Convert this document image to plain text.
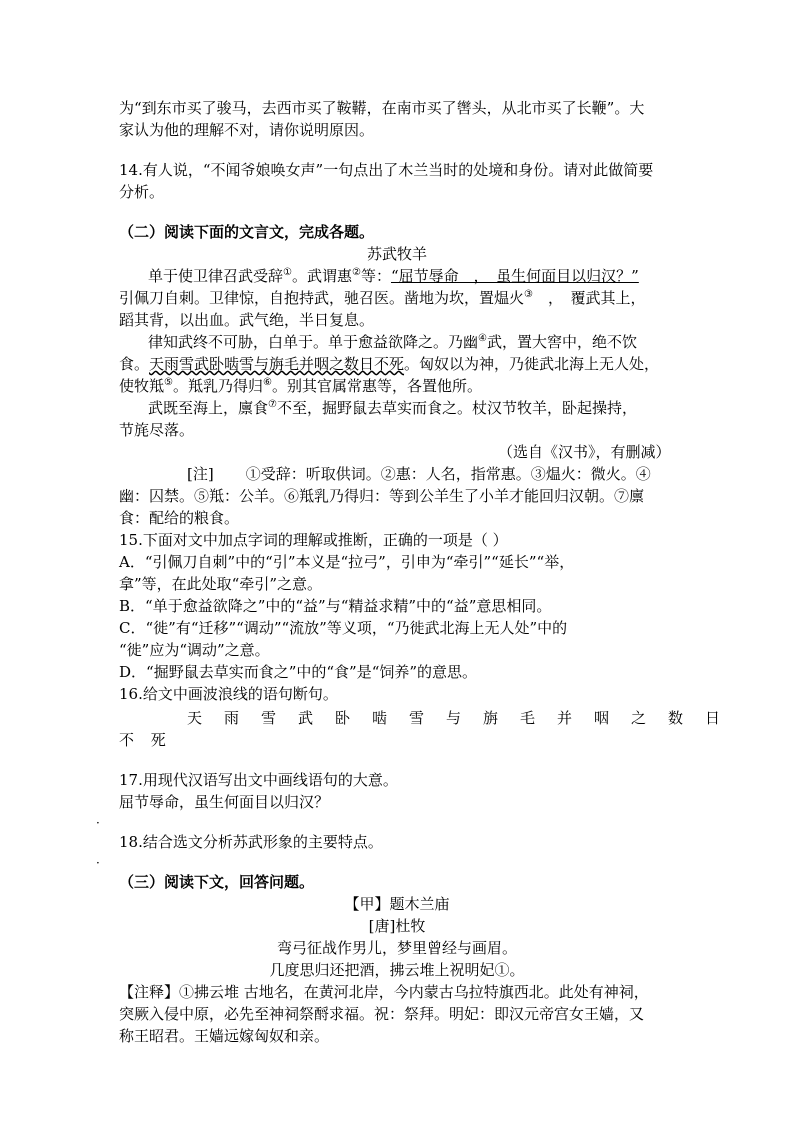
为“到东市买了骏马，去西市买了鞍鞯，在南市买了辔头，从北市买了长鞭”。大
家认为他的理解不对，请你说明原因。
14.有人说，“不闻爷娘唤女声”一句点出了木兰当时的处境和身份。请对此做简要
分析。
（二）阅读下面的文言文，完成各题。
苏武牧羊
单于使卫律召武受辞①。武谓惠②等：“屈节辱命　，　虽生何面目以归汉？”
引佩刀自刺。卫律惊，自抱持武，驰召医。凿地为坎，置煴火③　，　覆武其上，
蹈其背，以出血。武气绝，半日复息。
律知武终不可胁，白单于。单于愈益欲降之。乃幽④武，置大窖中，绝不饮
食。天雨雪武卧啮雪与旃毛并咽之数日不死。匈奴以为神，乃徙武北海上无人处，
使牧羝⑤。羝乳乃得归⑥。别其官属常惠等，各置他所。
武既至海上，廪食⑦不至，掘野鼠去草实而食之。杖汉节牧羊，卧起操持，
节旄尽落。
（选自《汉书》，有删减）
[注] ①受辞：听取供词。②惠：人名，指常惠。③煴火：微火。④
幽：囚禁。⑤羝：公羊。⑥羝乳乃得归：等到公羊生了小羊才能回归汉朝。⑦廪
食：配给的粮食。
15.下面对文中加点字词的理解或推断，正确的一项是（ ）
A．“引佩刀自刺”中的“引”本义是“拉弓”，引申为“牵引”“延长”“举，
拿”等，在此处取“牵引”之意。
B．“单于愈益欲降之”中的“益”与“精益求精”中的“益”意思相同。
C．“徙”有“迁移”“调动”“流放”等义项，“乃徙武北海上无人处”中的
“徙”应为“调动”之意。
D．“掘野鼠去草实而食之”中的“食”是“饲养”的意思。
16.给文中画波浪线的语句断句。
天雨雪武卧啮雪与旃毛并咽之数日
不 死
17.用现代汉语写出文中画线语句的大意。
屈节辱命，虽生何面目以归汉？
·
18.结合选文分析苏武形象的主要特点。
·
（三）阅读下文，回答问题。
【甲】题木兰庙
[唐]杜牧
弯弓征战作男儿，梦里曾经与画眉。
几度思归还把酒，拂云堆上祝明妃①。
【注释】①拂云堆 古地名，在黄河北岸，今内蒙古乌拉特旗西北。此处有神祠，
突厥入侵中原，必先至神祠祭酹求福。祝：祭拜。明妃：即汉元帝宫女王嫱，又
称王昭君。王嫱远嫁匈奴和亲。
